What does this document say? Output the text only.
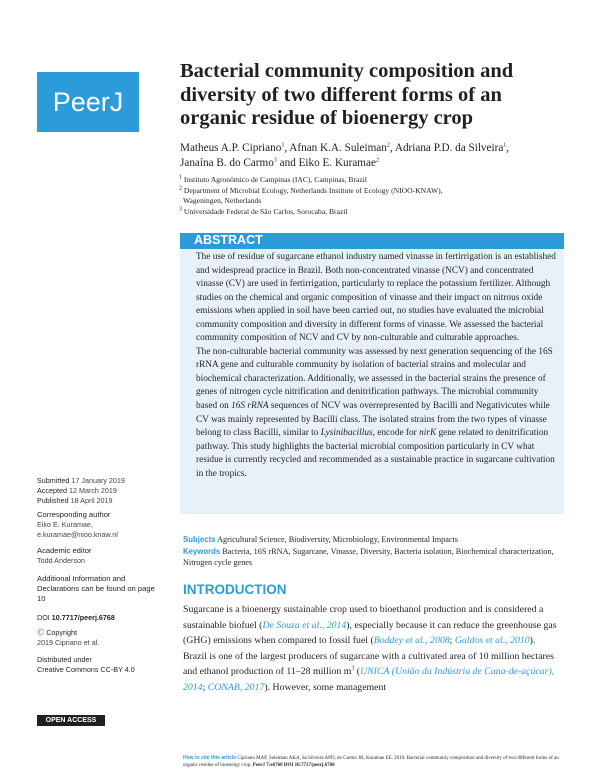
PeerJ
Bacterial community composition and diversity of two different forms of an organic residue of bioenergy crop
Matheus A.P. Cipriano$^1$, Afnan K.A. Suleiman$^2$, Adriana P.D. da Silveira$^1$,
Janaína B. do Carmo$^3$ and Eiko E. Kuramae$^2$
$^1$ Instituto Agronômico de Campinas (IAC), Campinas, Brazil
$^2$ Department of Microbial Ecology, Netherlands Institute of Ecology (NIOO-KNAW),
Wageningen, Netherlands
$^3$ Universidade Federal de São Carlos, Sorocaba, Brazil
ABSTRACT

The use of residue of sugarcane ethanol industry named vinasse in fertirrigation is an established and widespread practice in Brazil. Both non-concentrated vinasse (NCV) and concentrated vinasse (CV) are used in fertirrigation, particularly to replace the potassium fertilizer. Although studies on the chemical and organic composition of vinasse and their impact on nitrous oxide emissions when applied in soil have been carried out, no studies have evaluated the microbial community composition and diversity in different forms of vinasse. We assessed the bacterial community composition of NCV and CV by non-culturable and culturable approaches.

The non-culturable bacterial community was assessed by next generation sequencing of the 16S rRNA gene and culturable community by isolation of bacterial strains and molecular and biochemical characterization. Additionally, we assessed in the bacterial strains the presence of genes of nitrogen cycle nitrification and denitrification pathways. The microbial community based on 16S rRNA sequences of NCV was overrepresented by Bacilli and Negativicutes while CV was mainly represented by Bacilli class. The isolated strains from the two types of vinasse belong to class Bacilli, similar to Lysinibacillus, encode for nirK gene related to denitrification pathway. This study highlights the bacterial microbial composition particularly in CV what residue is currently recycled and recommended as a sustainable practice in sugarcane cultivation in the tropics.

Submitted 17 January 2019
Accepted 12 March 2019
Published 18 April 2019
Corresponding author
Eiko E. Kuramae,
e.kuramae@nioo.knaw.nl
Academic editor
Todd Anderson
Additional Information and Declarations can be found on page 10
DOI 10.7717/peerj.6768
Ⓒ Copyright
2019 Cipriano et al.
Distributed under
Creative Commons CC-BY 4.0
OPEN ACCESS
Subjects Agricultural Science, Biodiversity, Microbiology, Environmental Impacts
Keywords Bacteria, 16S rRNA, Sugarcane, Vinasse, Diversity, Bacteria isolation, Biochemical characterization, Nitrogen cycle genes
INTRODUCTION
Sugarcane is a bioenergy sustainable crop used to bioethanol production and is considered a sustainable biofuel (De Souza et al., 2014), especially because it can reduce the greenhouse gas (GHG) emissions when compared to fossil fuel (Boddey et al., 2008; Galdos et al., 2010). Brazil is one of the largest producers of sugarcane with a cultivated area of 10 million hectares and ethanol production of 11–28 million $m^3$ (UNICA (União da Indústria de Cana-de-açúcar), 2014; CONAB, 2017). However, some management
How to cite this article Cipriano MAP, Suleiman AKA, da Silveira APD, do Carmo JB, Kuramae EE. 2019. Bacterial community composition and diversity of two different forms of an organic residue of bioenergy crop. PeerJ 7:e6768 DOI 10.7717/peerj.6768
